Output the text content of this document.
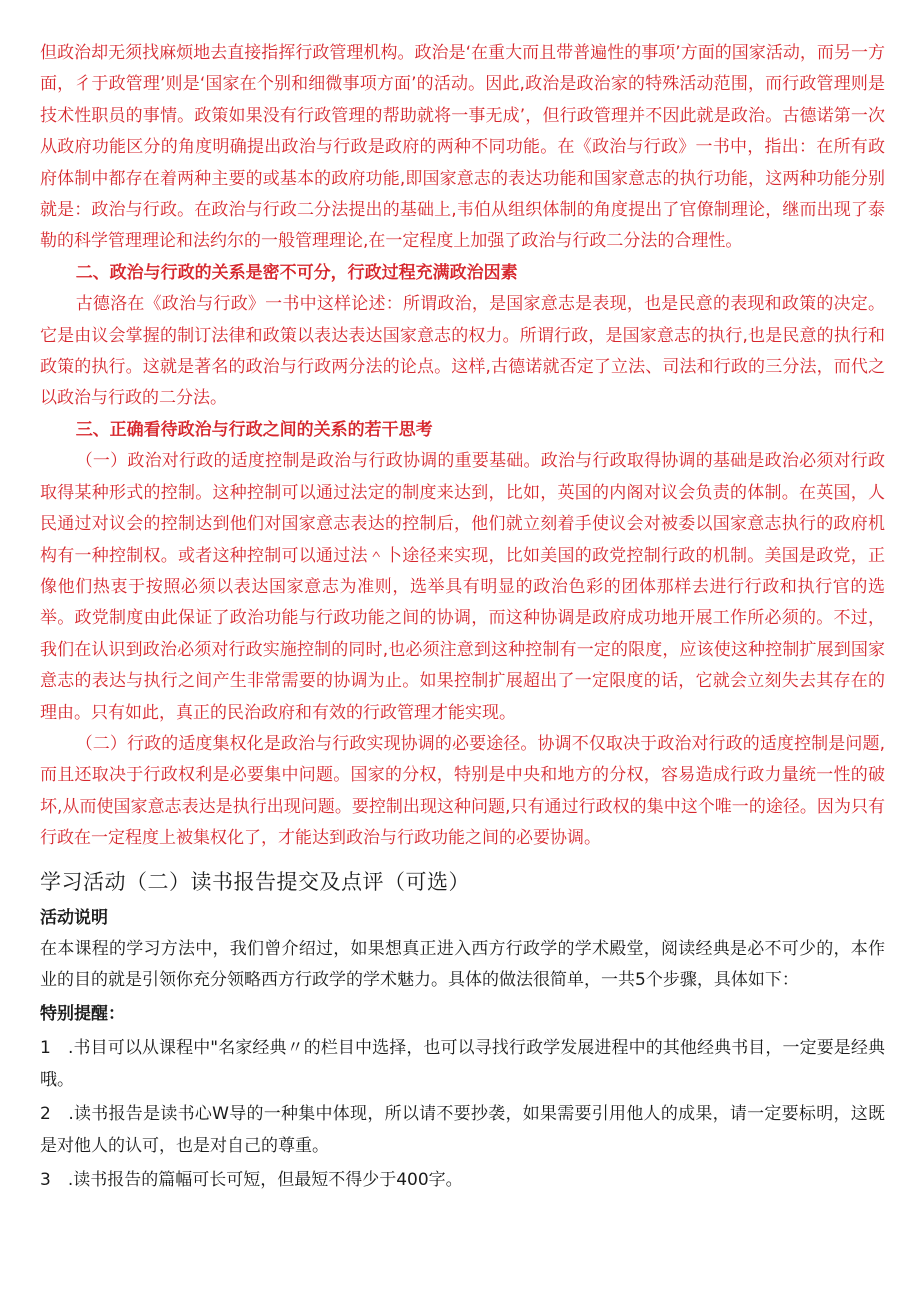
但政治却无须找麻烦地去直接指挥行政管理机构。政治是‘在重大而且带普遍性的事项’方面的国家活动，而另一方面，彳于政管理’则是‘国家在个别和细微事项方面’的活动。因此,政治是政治家的特殊活动范围，而行政管理则是技术性职员的事情。政策如果没有行政管理的帮助就将一事无成’，但行政管理并不因此就是政治。古德诺第一次从政府功能区分的角度明确提出政治与行政是政府的两种不同功能。在《政治与行政》一书中，指出：在所有政府体制中都存在着两种主要的或基本的政府功能,即国家意志的表达功能和国家意志的执行功能，这两种功能分别就是：政治与行政。在政治与行政二分法提出的基础上,韦伯从组织体制的角度提出了官僚制理论，继而出现了泰勒的科学管理理论和法约尔的一般管理理论,在一定程度上加强了政治与行政二分法的合理性。

二、政治与行政的关系是密不可分，行政过程充满政治因素

古德洛在《政治与行政》一书中这样论述：所谓政治，是国家意志是表现，也是民意的表现和政策的决定。它是由议会掌握的制订法律和政策以表达表达国家意志的权力。所谓行政，是国家意志的执行,也是民意的执行和政策的执行。这就是著名的政治与行政两分法的论点。这样,古德诺就否定了立法、司法和行政的三分法，而代之以政治与行政的二分法。

三、正确看待政治与行政之间的关系的若干思考

（一）政治对行政的适度控制是政治与行政协调的重要基础。政治与行政取得协调的基础是政治必须对行政取得某种形式的控制。这种控制可以通过法定的制度来达到，比如，英国的内阁对议会负责的体制。在英国，人民通过对议会的控制达到他们对国家意志表达的控制后，他们就立刻着手使议会对被委以国家意志执行的政府机构有一种控制权。或者这种控制可以通过法＾卜途径来实现，比如美国的政党控制行政的机制。美国是政党，正像他们热衷于按照必须以表达国家意志为准则，选举具有明显的政治色彩的团体那样去进行行政和执行官的选举。政党制度由此保证了政治功能与行政功能之间的协调，而这种协调是政府成功地开展工作所必须的。不过，我们在认识到政治必须对行政实施控制的同时,也必须注意到这种控制有一定的限度，应该使这种控制扩展到国家意志的表达与执行之间产生非常需要的协调为止。如果控制扩展超出了一定限度的话，它就会立刻失去其存在的理由。只有如此，真正的民治政府和有效的行政管理才能实现。

（二）行政的适度集权化是政治与行政实现协调的必要途径。协调不仅取决于政治对行政的适度控制是问题,而且还取决于行政权利是必要集中问题。国家的分权，特别是中央和地方的分权，容易造成行政力量统一性的破坏,从而使国家意志表达是执行出现问题。要控制出现这种问题,只有通过行政权的集中这个唯一的途径。因为只有行政在一定程度上被集权化了，才能达到政治与行政功能之间的必要协调。

学习活动（二）读书报告提交及点评（可选）

活动说明

在本课程的学习方法中，我们曾介绍过，如果想真正进入西方行政学的学术殿堂，阅读经典是必不可少的，本作业的目的就是引领你充分领略西方行政学的学术魅力。具体的做法很简单，一共5个步骤，具体如下：

特别提醒：

1　.书目可以从课程中"名家经典〃的栏目中选择，也可以寻找行政学发展进程中的其他经典书目，一定要是经典哦。

2　.读书报告是读书心W导的一种集中体现，所以请不要抄袭，如果需要引用他人的成果，请一定要标明，这既是对他人的认可，也是对自己的尊重。

3　.读书报告的篇幅可长可短，但最短不得少于400字。
